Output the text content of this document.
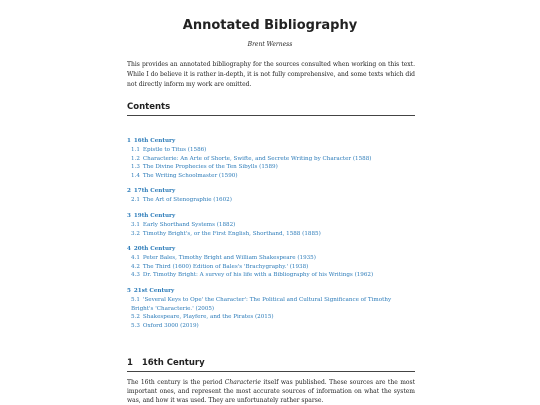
Annotated Bibliography
Brent Werness
This provides an annotated bibliography for the sources consulted when working on this text. While I do believe it is rather in-depth, it is not fully comprehensive, and some texts which did not directly inform my work are omitted.
Contents
1 16th Century
1.1 Epistle to Titus (1586)
1.2 Characterie: An Arte of Shorte, Swifte, and Secrete Writing by Character (1588)
1.3 The Divine Prophecies of the Ten Sibylls (1589)
1.4 The Writing Schoolmaster (1590)
2 17th Century
2.1 The Art of Stenographie (1602)
3 19th Century
3.1 Early Shorthand Systems (1882)
3.2 Timothy Bright's, or the First English, Shorthand, 1588 (1885)
4 20th Century
4.1 Peter Bales, Timothy Bright and William Shakespeare (1935)
4.2 The Third (1600) Edition of Bales's 'Brachygraphy.' (1938)
4.3 Dr. Timothy Bright: A survey of his life with a Bibliography of his Writings (1962)
5 21st Century
5.1 'Several Keys to Ope' the Character': The Political and Cultural Significance of Timothy Bright's 'Characterie.' (2005)
5.2 Shakespeare, Playfere, and the Pirates (2015)
5.3 Oxford 3000 (2019)
1 16th Century
The 16th century is the period Characterie itself was published. These sources are the most important ones, and represent the most accurate sources of information on what the system was, and how it was used. They are unfortunately rather sparse.
